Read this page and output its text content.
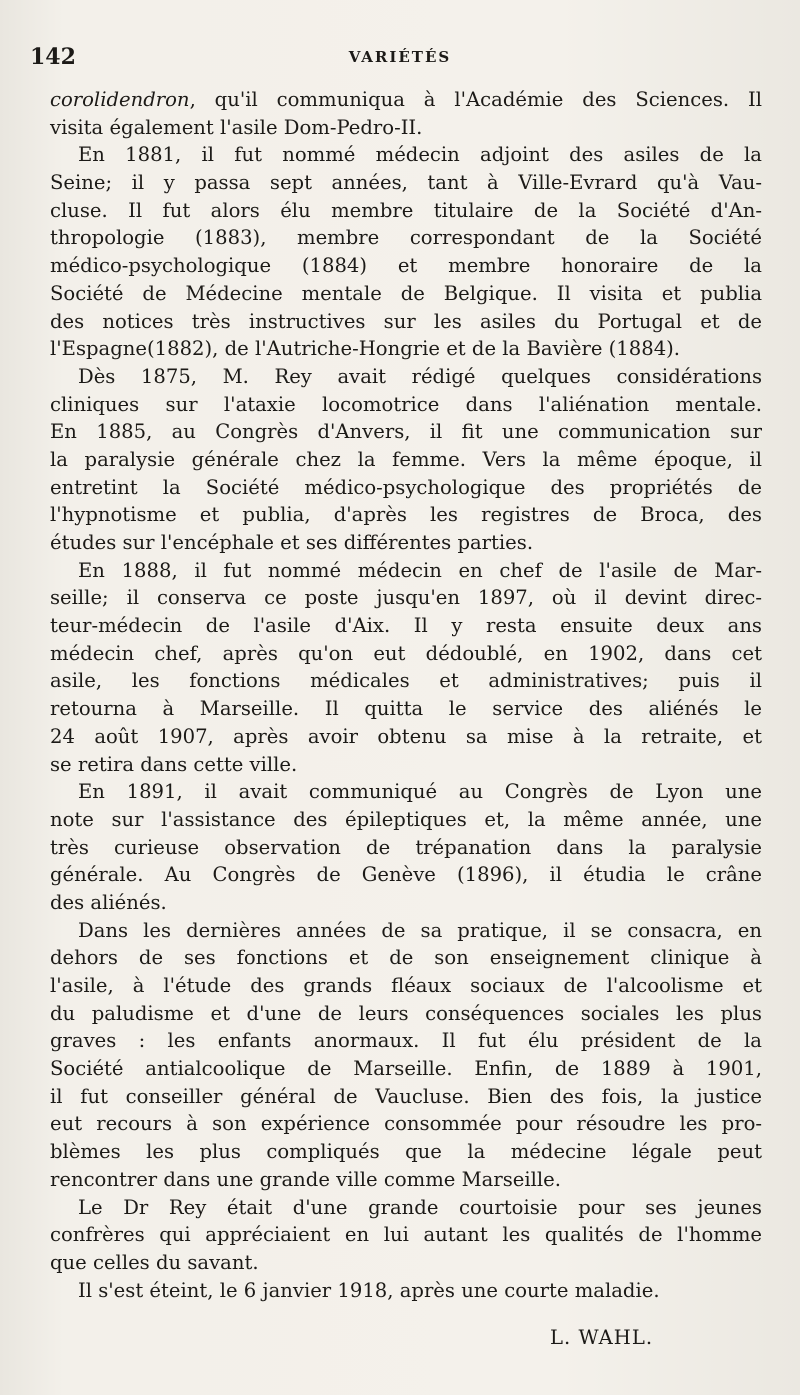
142	VARIÉTÉS
corolidendron, qu'il communiqua à l'Académie des Sciences. Il
visita également l'asile Dom-Pedro-II.
En 1881, il fut nommé médecin adjoint des asiles de la
Seine; il y passa sept années, tant à Ville-Evrard qu'à Vau-
cluse. Il fut alors élu membre titulaire de la Société d'An-
thropologie (1883), membre correspondant de la Société
médico-psychologique (1884) et membre honoraire de la
Société de Médecine mentale de Belgique. Il visita et publia
des notices très instructives sur les asiles du Portugal et de
l'Espagne(1882), de l'Autriche-Hongrie et de la Bavière (1884).
Dès 1875, M. Rey avait rédigé quelques considérations
cliniques sur l'ataxie locomotrice dans l'aliénation mentale.
En 1885, au Congrès d'Anvers, il fit une communication sur
la paralysie générale chez la femme. Vers la même époque, il
entretint la Société médico-psychologique des propriétés de
l'hypnotisme et publia, d'après les registres de Broca, des
études sur l'encéphale et ses différentes parties.
En 1888, il fut nommé médecin en chef de l'asile de Mar-
seille; il conserva ce poste jusqu'en 1897, où il devint direc-
teur-médecin de l'asile d'Aix. Il y resta ensuite deux ans
médecin chef, après qu'on eut dédoublé, en 1902, dans cet
asile, les fonctions médicales et administratives; puis il
retourna à Marseille. Il quitta le service des aliénés le
24 août 1907, après avoir obtenu sa mise à la retraite, et
se retira dans cette ville.
En 1891, il avait communiqué au Congrès de Lyon une
note sur l'assistance des épileptiques et, la même année, une
très curieuse observation de trépanation dans la paralysie
générale. Au Congrès de Genève (1896), il étudia le crâne
des aliénés.
Dans les dernières années de sa pratique, il se consacra, en
dehors de ses fonctions et de son enseignement clinique à
l'asile, à l'étude des grands fléaux sociaux de l'alcoolisme et
du paludisme et d'une de leurs conséquences sociales les plus
graves : les enfants anormaux. Il fut élu président de la
Société antialcoolique de Marseille. Enfin, de 1889 à 1901,
il fut conseiller général de Vaucluse. Bien des fois, la justice
eut recours à son expérience consommée pour résoudre les pro-
blèmes les plus compliqués que la médecine légale peut
rencontrer dans une grande ville comme Marseille.
Le Dr Rey était d'une grande courtoisie pour ses jeunes
confrères qui appréciaient en lui autant les qualités de l'homme
que celles du savant.
Il s'est éteint, le 6 janvier 1918, après une courte maladie.
L. WAHL.
